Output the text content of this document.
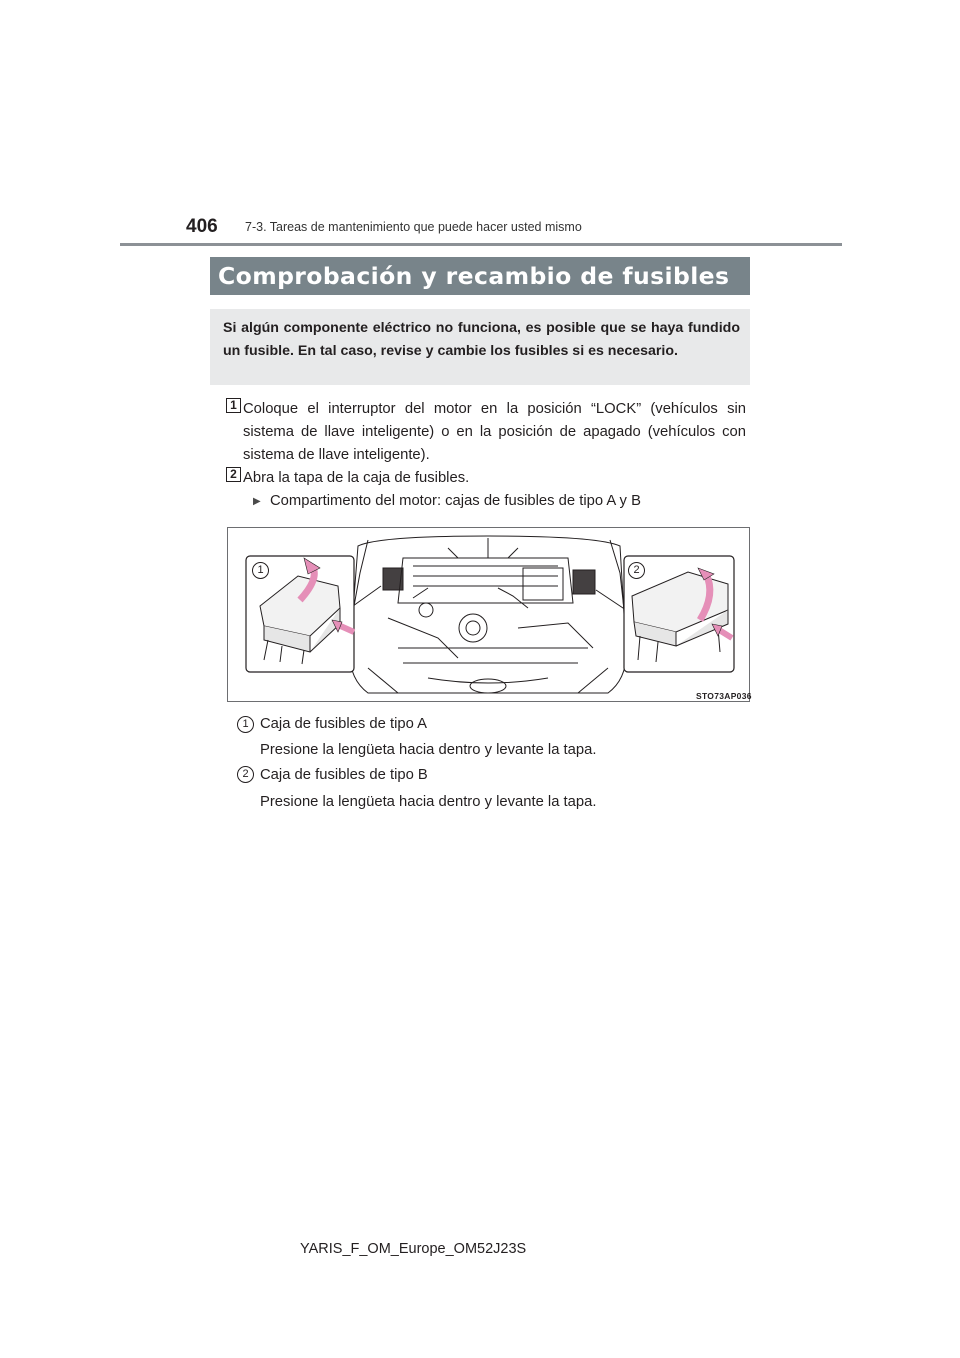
406 7-3. Tareas de mantenimiento que puede hacer usted mismo
Comprobación y recambio de fusibles
Si algún componente eléctrico no funciona, es posible que se haya fundido un fusible. En tal caso, revise y cambie los fusibles si es necesario.
1 Coloque el interruptor del motor en la posición “LOCK” (vehículos sin sistema de llave inteligente) o en la posición de apagado (vehículos con sistema de llave inteligente).
2 Abra la tapa de la caja de fusibles.
▶ Compartimento del motor: cajas de fusibles de tipo A y B
1	2
STO73AP036
1 Caja de fusibles de tipo A
Presione la lengüeta hacia dentro y levante la tapa.
2 Caja de fusibles de tipo B
Presione la lengüeta hacia dentro y levante la tapa.
YARIS_F_OM_Europe_OM52J23S
